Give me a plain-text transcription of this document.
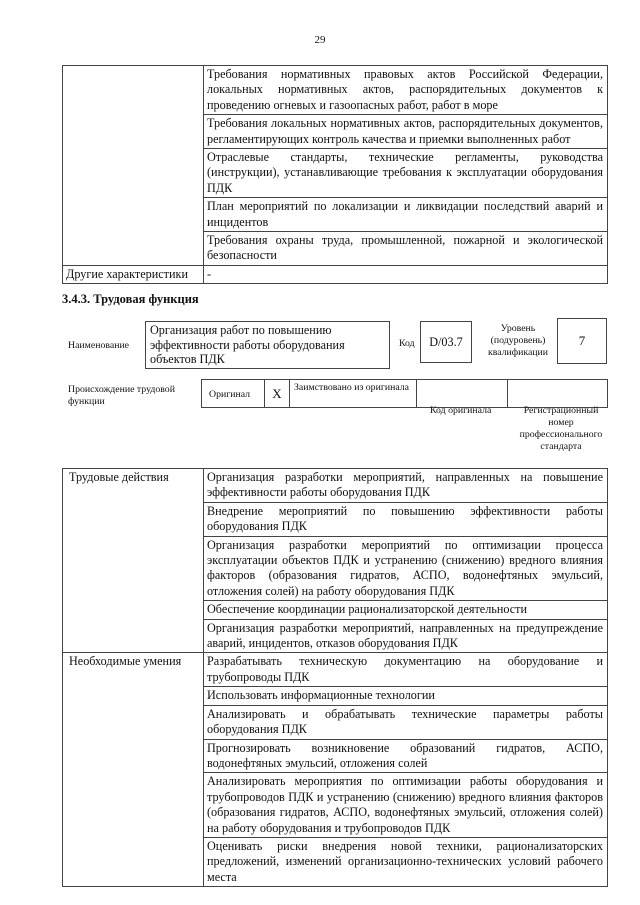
29

	Требования нормативных правовых актов Российской Федерации, локальных нормативных актов, распорядительных документов к проведению огневых и газоопасных работ, работ в море

	Требования локальных нормативных актов, распорядительных документов, регламентирующих контроль качества и приемки выполненных работ

	Отраслевые стандарты, технические регламенты, руководства (инструкции), устанавливающие требования к эксплуатации оборудования ПДК

	План мероприятий по локализации и ликвидации последствий аварий и инцидентов

	Требования охраны труда, промышленной, пожарной и экологической безопасности

Другие характеристики	-
3.4.3. Трудовая функция
Наименование
Организация работ по повышению эффективности работы оборудования объектов ПДК
Код	D/03.7
Уровень (подуровень) квалификации
7
Происхождение трудовой функции
Оригинал	X	Заимствовано из оригинала
Код оригинала	Регистрационный номер профессионального стандарта
Трудовые действия	Организация разработки мероприятий, направленных на повышение эффективности работы оборудования ПДК

	Внедрение мероприятий по повышению эффективности работы оборудования ПДК

	Организация разработки мероприятий по оптимизации процесса эксплуатации объектов ПДК и устранению (снижению) вредного влияния факторов (образования гидратов, АСПО, водонефтяных эмульсий, отложения солей) на работу оборудования ПДК

	Обеспечение координации рационализаторской деятельности

	Организация разработки мероприятий, направленных на предупреждение аварий, инцидентов, отказов оборудования ПДК

Необходимые умения	Разрабатывать техническую документацию на оборудование и трубопроводы ПДК

	Использовать информационные технологии

	Анализировать и обрабатывать технические параметры работы оборудования ПДК

	Прогнозировать возникновение образований гидратов, АСПО, водонефтяных эмульсий, отложения солей

	Анализировать мероприятия по оптимизации работы оборудования и трубопроводов ПДК и устранению (снижению) вредного влияния факторов (образования гидратов, АСПО, водонефтяных эмульсий, отложения солей) на работу оборудования и трубопроводов ПДК

	Оценивать риски внедрения новой техники, рационализаторских предложений, изменений организационно-технических условий рабочего места
